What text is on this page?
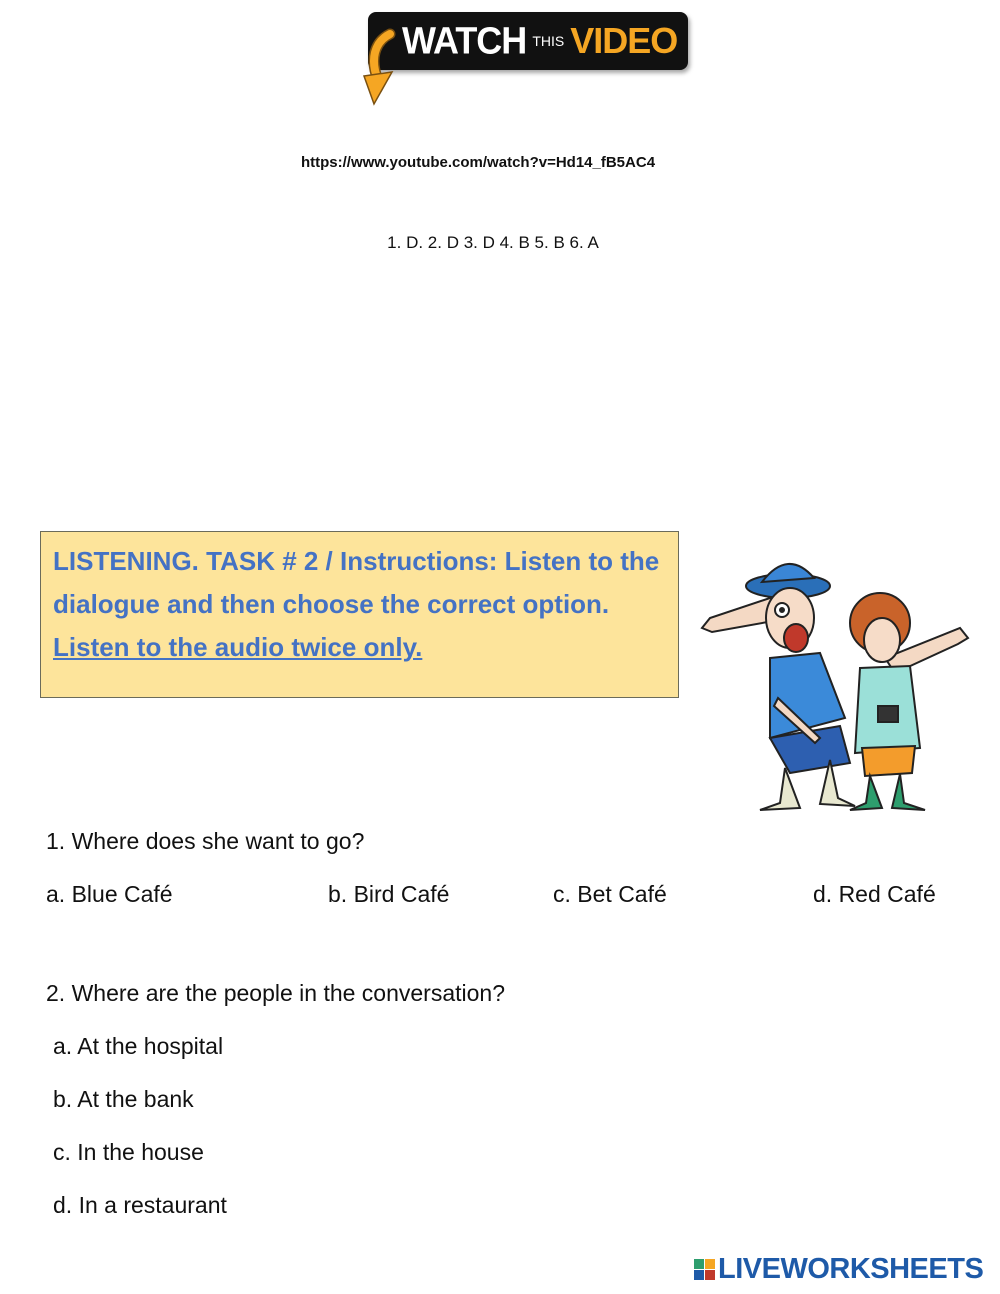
WATCH THIS VIDEO
https://www.youtube.com/watch?v=Hd14_fB5AC4
1. D. 2. D 3. D 4. B 5. B 6. A
LISTENING. TASK # 2 / Instructions: Listen to the dialogue and then choose the correct option.  Listen to the audio twice only.
1. Where does she want to go?
a. Blue Café	b. Bird Café	c. Bet Café	d. Red Café
2. Where are the people in the conversation?
a. At the hospital
b. At the bank
c. In the house
d. In a restaurant
LIVEWORKSHEETS
